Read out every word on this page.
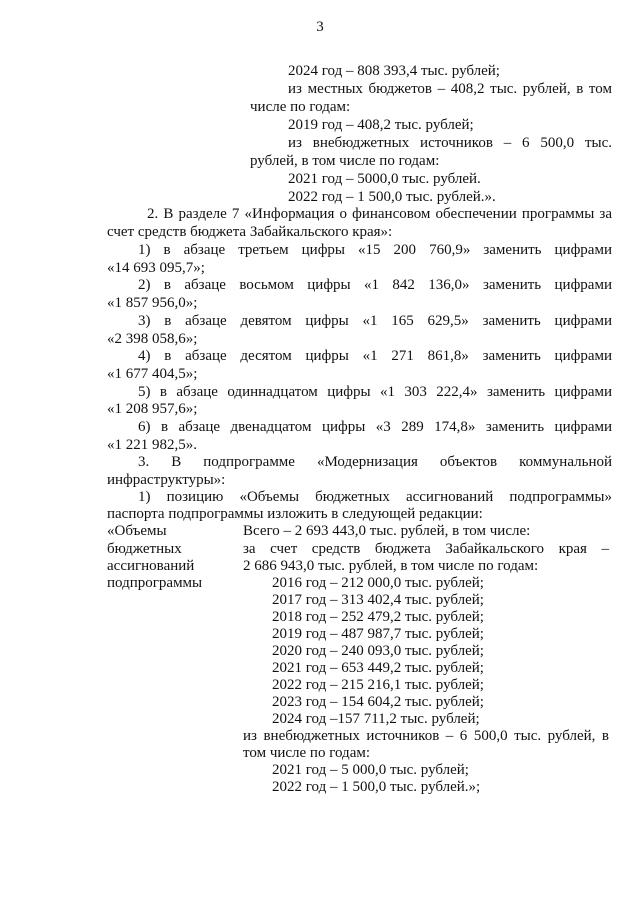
3
2024 год – 808 393,4 тыс. рублей;
из местных бюджетов – 408,2 тыс. рублей, в том
числе по годам:
2019 год – 408,2 тыс. рублей;
из внебюджетных источников – 6 500,0 тыс.
рублей, в том числе по годам:
2021 год – 5000,0 тыс. рублей.
2022 год – 1 500,0 тыс. рублей.».
2. В разделе 7 «Информация о финансовом обеспечении программы за
счет средств бюджета Забайкальского края»:
1) в абзаце третьем цифры «15 200 760,9» заменить цифрами
«14 693 095,7»;
2) в абзаце восьмом цифры «1 842 136,0» заменить цифрами
«1 857 956,0»;
3) в абзаце девятом цифры «1 165 629,5» заменить цифрами
«2 398 058,6»;
4) в абзаце десятом цифры «1 271 861,8» заменить цифрами
«1 677 404,5»;
5) в абзаце одиннадцатом цифры «1 303 222,4» заменить цифрами
«1 208 957,6»;
6) в абзаце двенадцатом цифры «3 289 174,8» заменить цифрами
«1 221 982,5».
3. В подпрограмме «Модернизация объектов коммунальной
инфраструктуры»:
1) позицию «Объемы бюджетных ассигнований подпрограммы»
паспорта подпрограммы изложить в следующей редакции:
«Объемы
бюджетных
ассигнований
подпрограммы
Всего – 2 693 443,0 тыс. рублей, в том числе:
за счет средств бюджета Забайкальского края –
2 686 943,0 тыс. рублей, в том числе по годам:
2016 год – 212 000,0 тыс. рублей;
2017 год – 313 402,4 тыс. рублей;
2018 год – 252 479,2 тыс. рублей;
2019 год – 487 987,7 тыс. рублей;
2020 год – 240 093,0 тыс. рублей;
2021 год – 653 449,2 тыс. рублей;
2022 год – 215 216,1 тыс. рублей;
2023 год – 154 604,2 тыс. рублей;
2024 год –157 711,2 тыс. рублей;
из внебюджетных источников – 6 500,0 тыс. рублей, в
том числе по годам:
2021 год – 5 000,0 тыс. рублей;
2022 год – 1 500,0 тыс. рублей.»;
